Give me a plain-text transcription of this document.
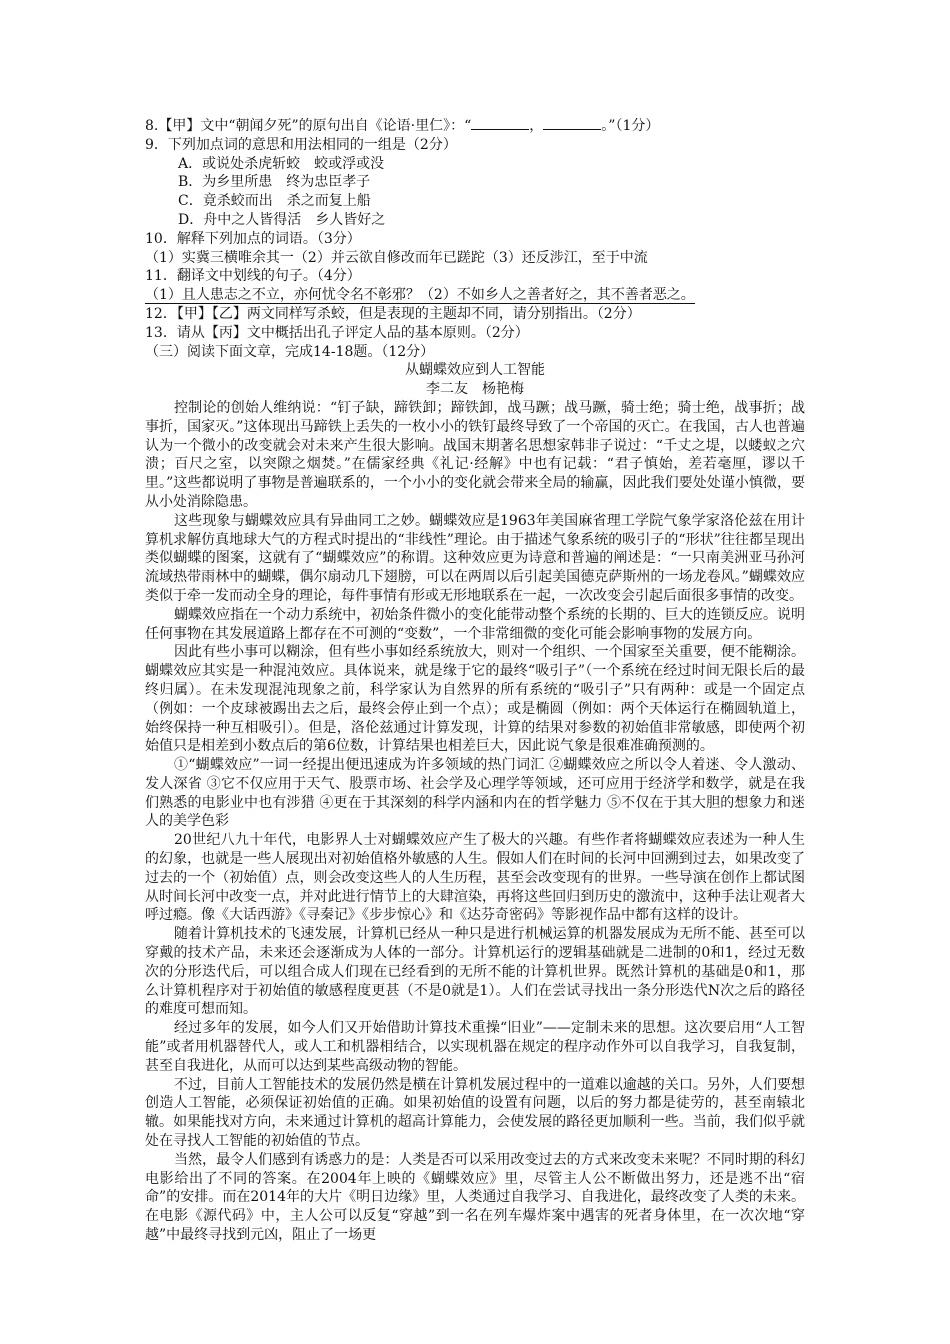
8.【甲】文中“朝闻夕死”的原句出自《论语·里仁》：“	，	。”（1分）
9．下列加点词的意思和用法相同的一组是（2分）
A．或说处杀虎斩蛟 蛟或浮或没
B．为乡里所患 终为忠臣孝子
C．竟杀蛟而出 杀之而复上船
D．舟中之人皆得活 乡人皆好之
10．解释下列加点的词语。（3分）
（1）实冀三横唯余其一（2）并云欲自修改而年已蹉跎（3）还反涉江，至于中流
11．翻译文中划线的句子。（4分）
（1）且人患志之不立，亦何忧令名不彰邪？（2）不如乡人之善者好之，其不善者恶之。
12．【甲】【乙】两文同样写杀蛟，但是表现的主题却不同，请分别指出。（2分）
13．请从【丙】文中概括出孔子评定人品的基本原则。（2分）
（三）阅读下面文章，完成14-18题。（12分）
从蝴蝶效应到人工智能
李二友　杨艳梅
控制论的创始人维纳说：“钉子缺，蹄铁卸；蹄铁卸，战马蹶；战马蹶，骑士绝；骑士绝，战事折；战事折，国家灭。”这体现出马蹄铁上丢失的一枚小小的铁钉最终导致了一个帝国的灭亡。在我国，古人也普遍认为一个微小的改变就会对未来产生很大影响。战国末期著名思想家韩非子说过：“千丈之堤，以蝼蚁之穴溃；百尺之室，以突隙之烟焚。”在儒家经典《礼记·经解》中也有记载：“君子慎始，差若毫厘，谬以千里。”这些都说明了事物是普遍联系的，一个小小的变化就会带来全局的输赢，因此我们要处处谨小慎微，要从小处消除隐患。
这些现象与蝴蝶效应具有异曲同工之妙。蝴蝶效应是1963年美国麻省理工学院气象学家洛伦兹在用计算机求解仿真地球大气的方程式时提出的“非线性”理论。由于描述气象系统的吸引子的“形状”往往都呈现出类似蝴蝶的图案，这就有了“蝴蝶效应”的称谓。这种效应更为诗意和普遍的阐述是：“一只南美洲亚马孙河流域热带雨林中的蝴蝶，偶尔扇动几下翅膀，可以在两周以后引起美国德克萨斯州的一场龙卷风。”蝴蝶效应类似于牵一发而动全身的理论，每件事情有形或无形地联系在一起，一次改变会引起后面很多事情的改变。
蝴蝶效应指在一个动力系统中，初始条件微小的变化能带动整个系统的长期的、巨大的连锁反应。说明任何事物在其发展道路上都存在不可测的“变数”，一个非常细微的变化可能会影响事物的发展方向。
因此有些小事可以糊涂，但有些小事如经系统放大，则对一个组织、一个国家至关重要，便不能糊涂。蝴蝶效应其实是一种混沌效应。具体说来，就是缘于它的最终“吸引子”（一个系统在经过时间无限长后的最终归属）。在未发现混沌现象之前，科学家认为自然界的所有系统的“吸引子”只有两种：或是一个固定点（例如：一个皮球被踢出去之后，最终会停止到一个点）；或是椭圆（例如：两个天体运行在椭圆轨道上，始终保持一种互相吸引）。但是，洛伦兹通过计算发现，计算的结果对参数的初始值非常敏感，即使两个初始值只是相差到小数点后的第6位数，计算结果也相差巨大，因此说气象是很难准确预测的。
①“蝴蝶效应”一词一经提出便迅速成为许多领域的热门词汇 ②蝴蝶效应之所以令人着迷、令人激动、发人深省 ③它不仅应用于天气、股票市场、社会学及心理学等领域，还可应用于经济学和数学，就是在我们熟悉的电影业中也有涉猎 ④更在于其深刻的科学内涵和内在的哲学魅力 ⑤不仅在于其大胆的想象力和迷人的美学色彩
20世纪八九十年代，电影界人士对蝴蝶效应产生了极大的兴趣。有些作者将蝴蝶效应表述为一种人生的幻象，也就是一些人展现出对初始值格外敏感的人生。假如人们在时间的长河中回溯到过去，如果改变了过去的一个（初始值）点，则会改变这些人的人生历程，甚至会改变现有的世界。一些导演在创作上都试图从时间长河中改变一点，并对此进行情节上的大肆渲染，再将这些回归到历史的激流中，这种手法让观者大呼过瘾。像《大话西游》《寻秦记》《步步惊心》和《达芬奇密码》等影视作品中都有这样的设计。
随着计算机技术的飞速发展，计算机已经从一种只是进行机械运算的机器发展成为无所不能、甚至可以穿戴的技术产品，未来还会逐渐成为人体的一部分。计算机运行的逻辑基础就是二进制的0和1，经过无数次的分形迭代后，可以组合成人们现在已经看到的无所不能的计算机世界。既然计算机的基础是0和1，那么计算机程序对于初始值的敏感程度更甚（不是0就是1）。人们在尝试寻找出一条分形迭代N次之后的路径的难度可想而知。
经过多年的发展，如今人们又开始借助计算技术重操“旧业”——定制未来的思想。这次要启用“人工智能”或者用机器替代人，或人工和机器相结合，以实现机器在规定的程序动作外可以自我学习，自我复制，甚至自我进化，从而可以达到某些高级动物的智能。
不过，目前人工智能技术的发展仍然是横在计算机发展过程中的一道难以逾越的关口。另外，人们要想创造人工智能，必须保证初始值的正确。如果初始值的设置有问题，以后的努力都是徒劳的，甚至南辕北辙。如果能找对方向，未来通过计算机的超高计算能力，会使发展的路径更加顺利一些。当前，我们似乎就处在寻找人工智能的初始值的节点。
当然，最令人们感到有诱惑力的是：人类是否可以采用改变过去的方式来改变未来呢？不同时期的科幻电影给出了不同的答案。在2004年上映的《蝴蝶效应》里，尽管主人公不断做出努力，还是逃不出“宿命”的安排。而在2014年的大片《明日边缘》里，人类通过自我学习、自我进化，最终改变了人类的未来。在电影《源代码》中，主人公可以反复“穿越”到一名在列车爆炸案中遇害的死者身体里，在一次次地“穿越”中最终寻找到元凶，阻止了一场更
